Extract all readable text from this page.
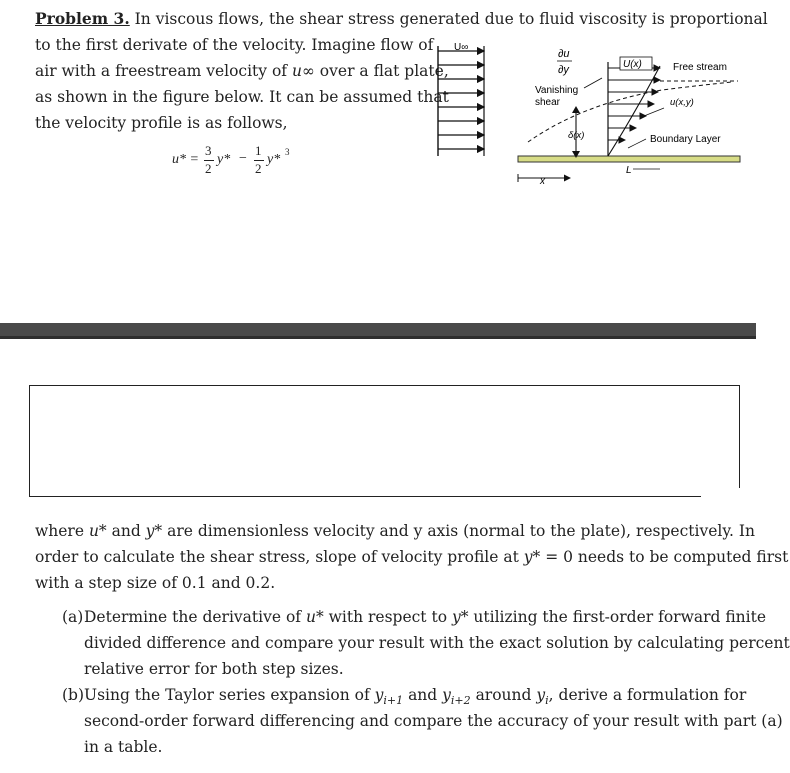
Problem 3. In viscous flows, the shear stress generated due to fluid viscosity is proportional
to the first derivate of the velocity. Imagine flow of
air with a freestream velocity of u∞ over a flat plate,
as shown in the figure below. It can be assumed that
the velocity profile is as follows,
u* =
3
2
y* −
1
2
y* 3
U∞
∂u
∂y
Vanishing
shear
U(x)	Free stream
u(x,y)
δ(x)	Boundary Layer
x
L
where u* and y* are dimensionless velocity and y axis (normal to the plate), respectively. In
order to calculate the shear stress, slope of velocity profile at y* = 0 needs to be computed first
with a step size of 0.1 and 0.2.
(a) Determine the derivative of u* with respect to y* utilizing the first-order forward finite
divided difference and compare your result with the exact solution by calculating percent
relative error for both step sizes.
(b) Using the Taylor series expansion of $y_{i+1}$ and $y_{i+2}$ around $y_i$, derive a formulation for
second-order forward differencing and compare the accuracy of your result with part (a)
in a table.
